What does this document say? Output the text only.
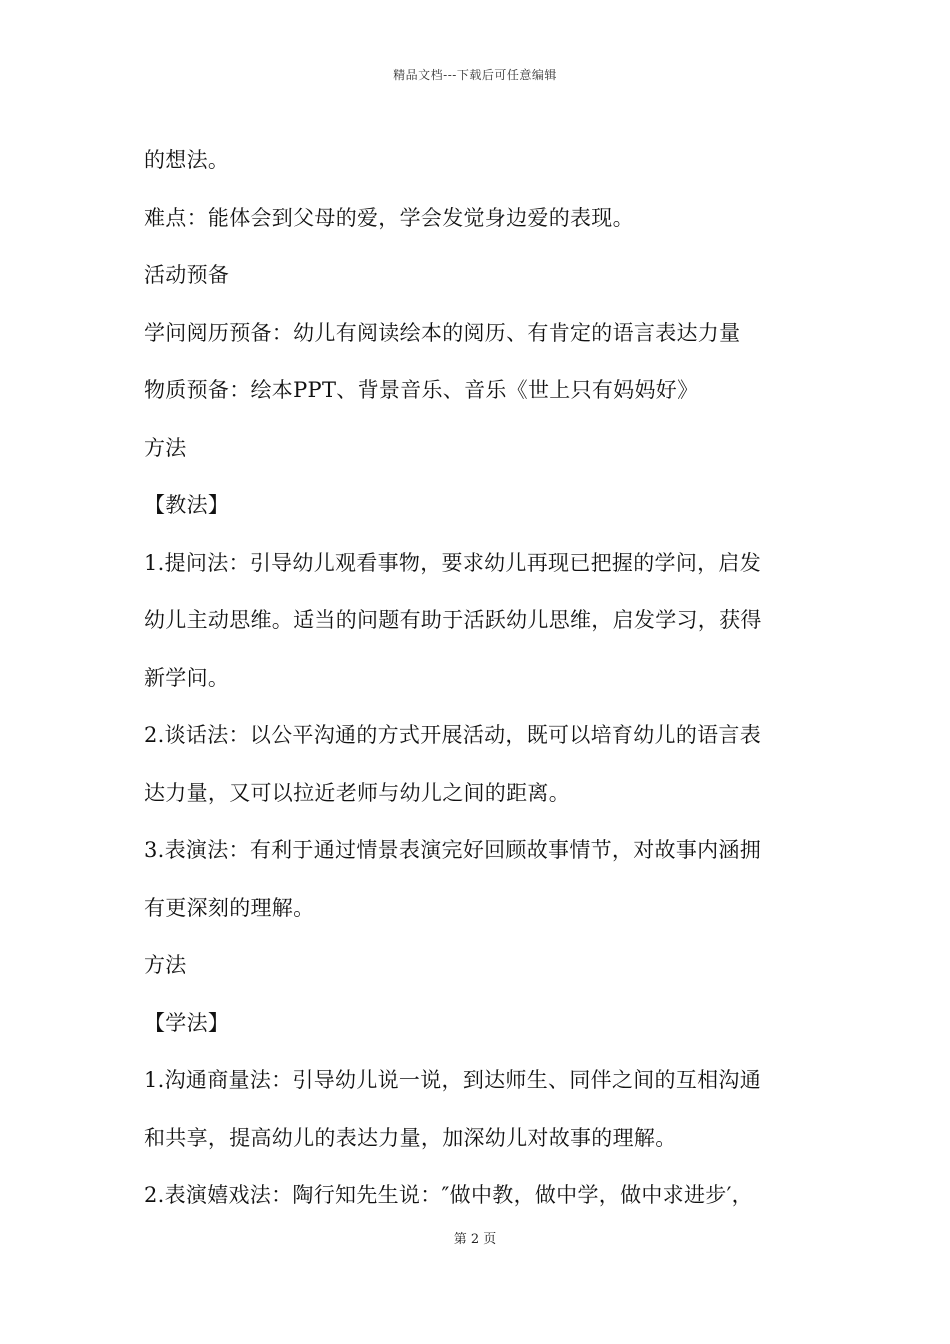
精品文档---下载后可任意编辑
的想法。
难点：能体会到父母的爱，学会发觉身边爱的表现。
活动预备
学问阅历预备：幼儿有阅读绘本的阅历、有肯定的语言表达力量
物质预备：绘本PPT、背景音乐、音乐《世上只有妈妈好》
方法
【教法】
1.提问法：引导幼儿观看事物，要求幼儿再现已把握的学问，启发
幼儿主动思维。适当的问题有助于活跃幼儿思维，启发学习，获得
新学问。
2.谈话法：以公平沟通的方式开展活动，既可以培育幼儿的语言表
达力量，又可以拉近老师与幼儿之间的距离。
3.表演法：有利于通过情景表演完好回顾故事情节，对故事内涵拥
有更深刻的理解。
方法
【学法】
1.沟通商量法：引导幼儿说一说，到达师生、同伴之间的互相沟通
和共享，提高幼儿的表达力量，加深幼儿对故事的理解。
2.表演嬉戏法：陶行知先生说：″做中教，做中学，做中求进步′，
第 2 页
